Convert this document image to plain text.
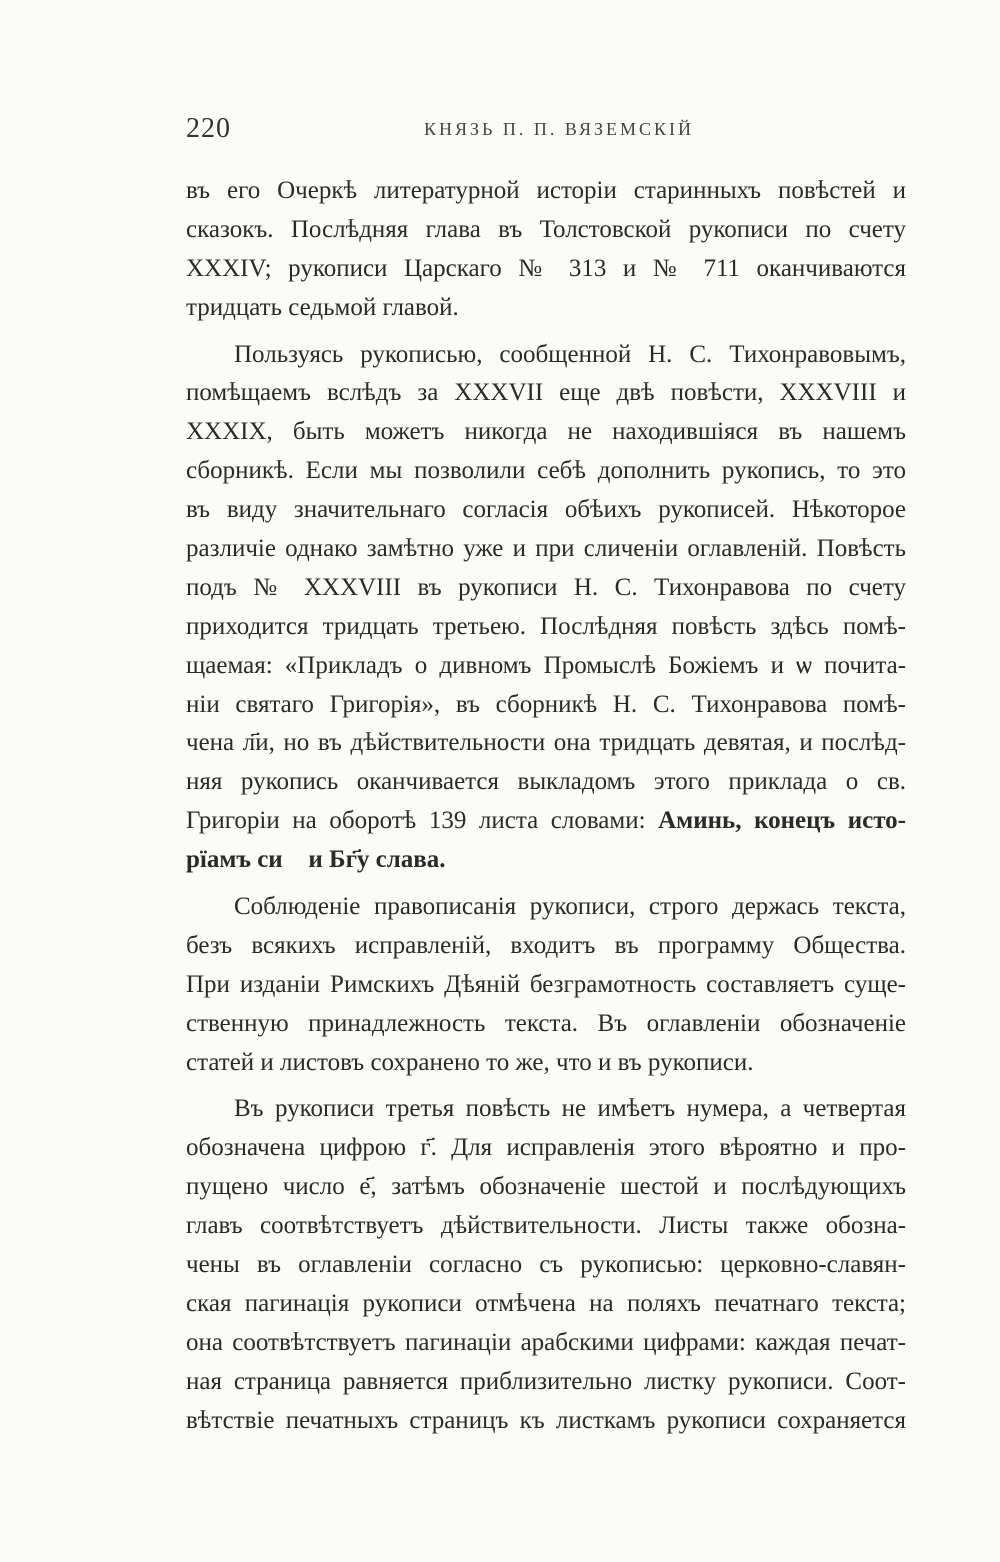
220	КНЯЗЬ П. П. ВЯЗЕМСКІЙ
въ его Очеркѣ литературной исторіи старинныхъ повѣстей и
сказокъ. Послѣдняя глава въ Толстовской рукописи по счету
XXXIV; рукописи Царскаго № 313 и № 711 оканчиваются
тридцать седьмой главой.
Пользуясь рукописью, сообщенной Н. С. Тихонравовымъ,
помѣщаемъ вслѣдъ за XXXVII еще двѣ повѣсти, XXXVIII и
XXXIX, быть можетъ никогда не находившіяся въ нашемъ
сборникѣ. Если мы позволили себѣ дополнить рукопись, то это
въ виду значительнаго согласія обѣихъ рукописей. Нѣкоторое
различіе однако замѣтно уже и при сличеніи оглавленій. Повѣсть
подъ № XXXVIII въ рукописи Н. С. Тихонравова по счету
приходится тридцать третьею. Послѣдняя повѣсть здѣсь помѣ-
щаемая: «Прикладъ о дивномъ Промыслѣ Божіемъ и ѡ почита-
ніи святаго Григорія», въ сборникѣ Н. С. Тихонравова помѣ-
чена л҃и, но въ дѣйствительности она тридцать девятая, и послѣд-
няя рукопись оканчивается выкладомъ этого приклада о св.
Григоріи на оборотѣ 139 листа словами: Аминь, конецъ исто-
рїамъ сиⷨ и Бг҃у слава.
Соблюденіе правописанія рукописи, строго держась текста,
безъ всякихъ исправленій, входитъ въ программу Общества.
При изданіи Римскихъ Дѣяній безграмотность составляетъ суще-
ственную принадлежность текста. Въ оглавленіи обозначеніе
статей и листовъ сохранено то же, что и въ рукописи.
Въ рукописи третья повѣсть не имѣетъ нумера, а четвертая
обозначена цифрою г҃. Для исправленія этого вѣроятно и про-
пущено число е҃, затѣмъ обозначеніе шестой и послѣдующихъ
главъ соотвѣтствуетъ дѣйствительности. Листы также обозна-
чены въ оглавленіи согласно съ рукописью: церковно-славян-
ская пагинація рукописи отмѣчена на поляхъ печатнаго текста;
она соотвѣтствуетъ пагинаціи арабскими цифрами: каждая печат-
ная страница равняется приблизительно листку рукописи. Соот-
вѣтствіе печатныхъ страницъ къ листкамъ рукописи сохраняется
